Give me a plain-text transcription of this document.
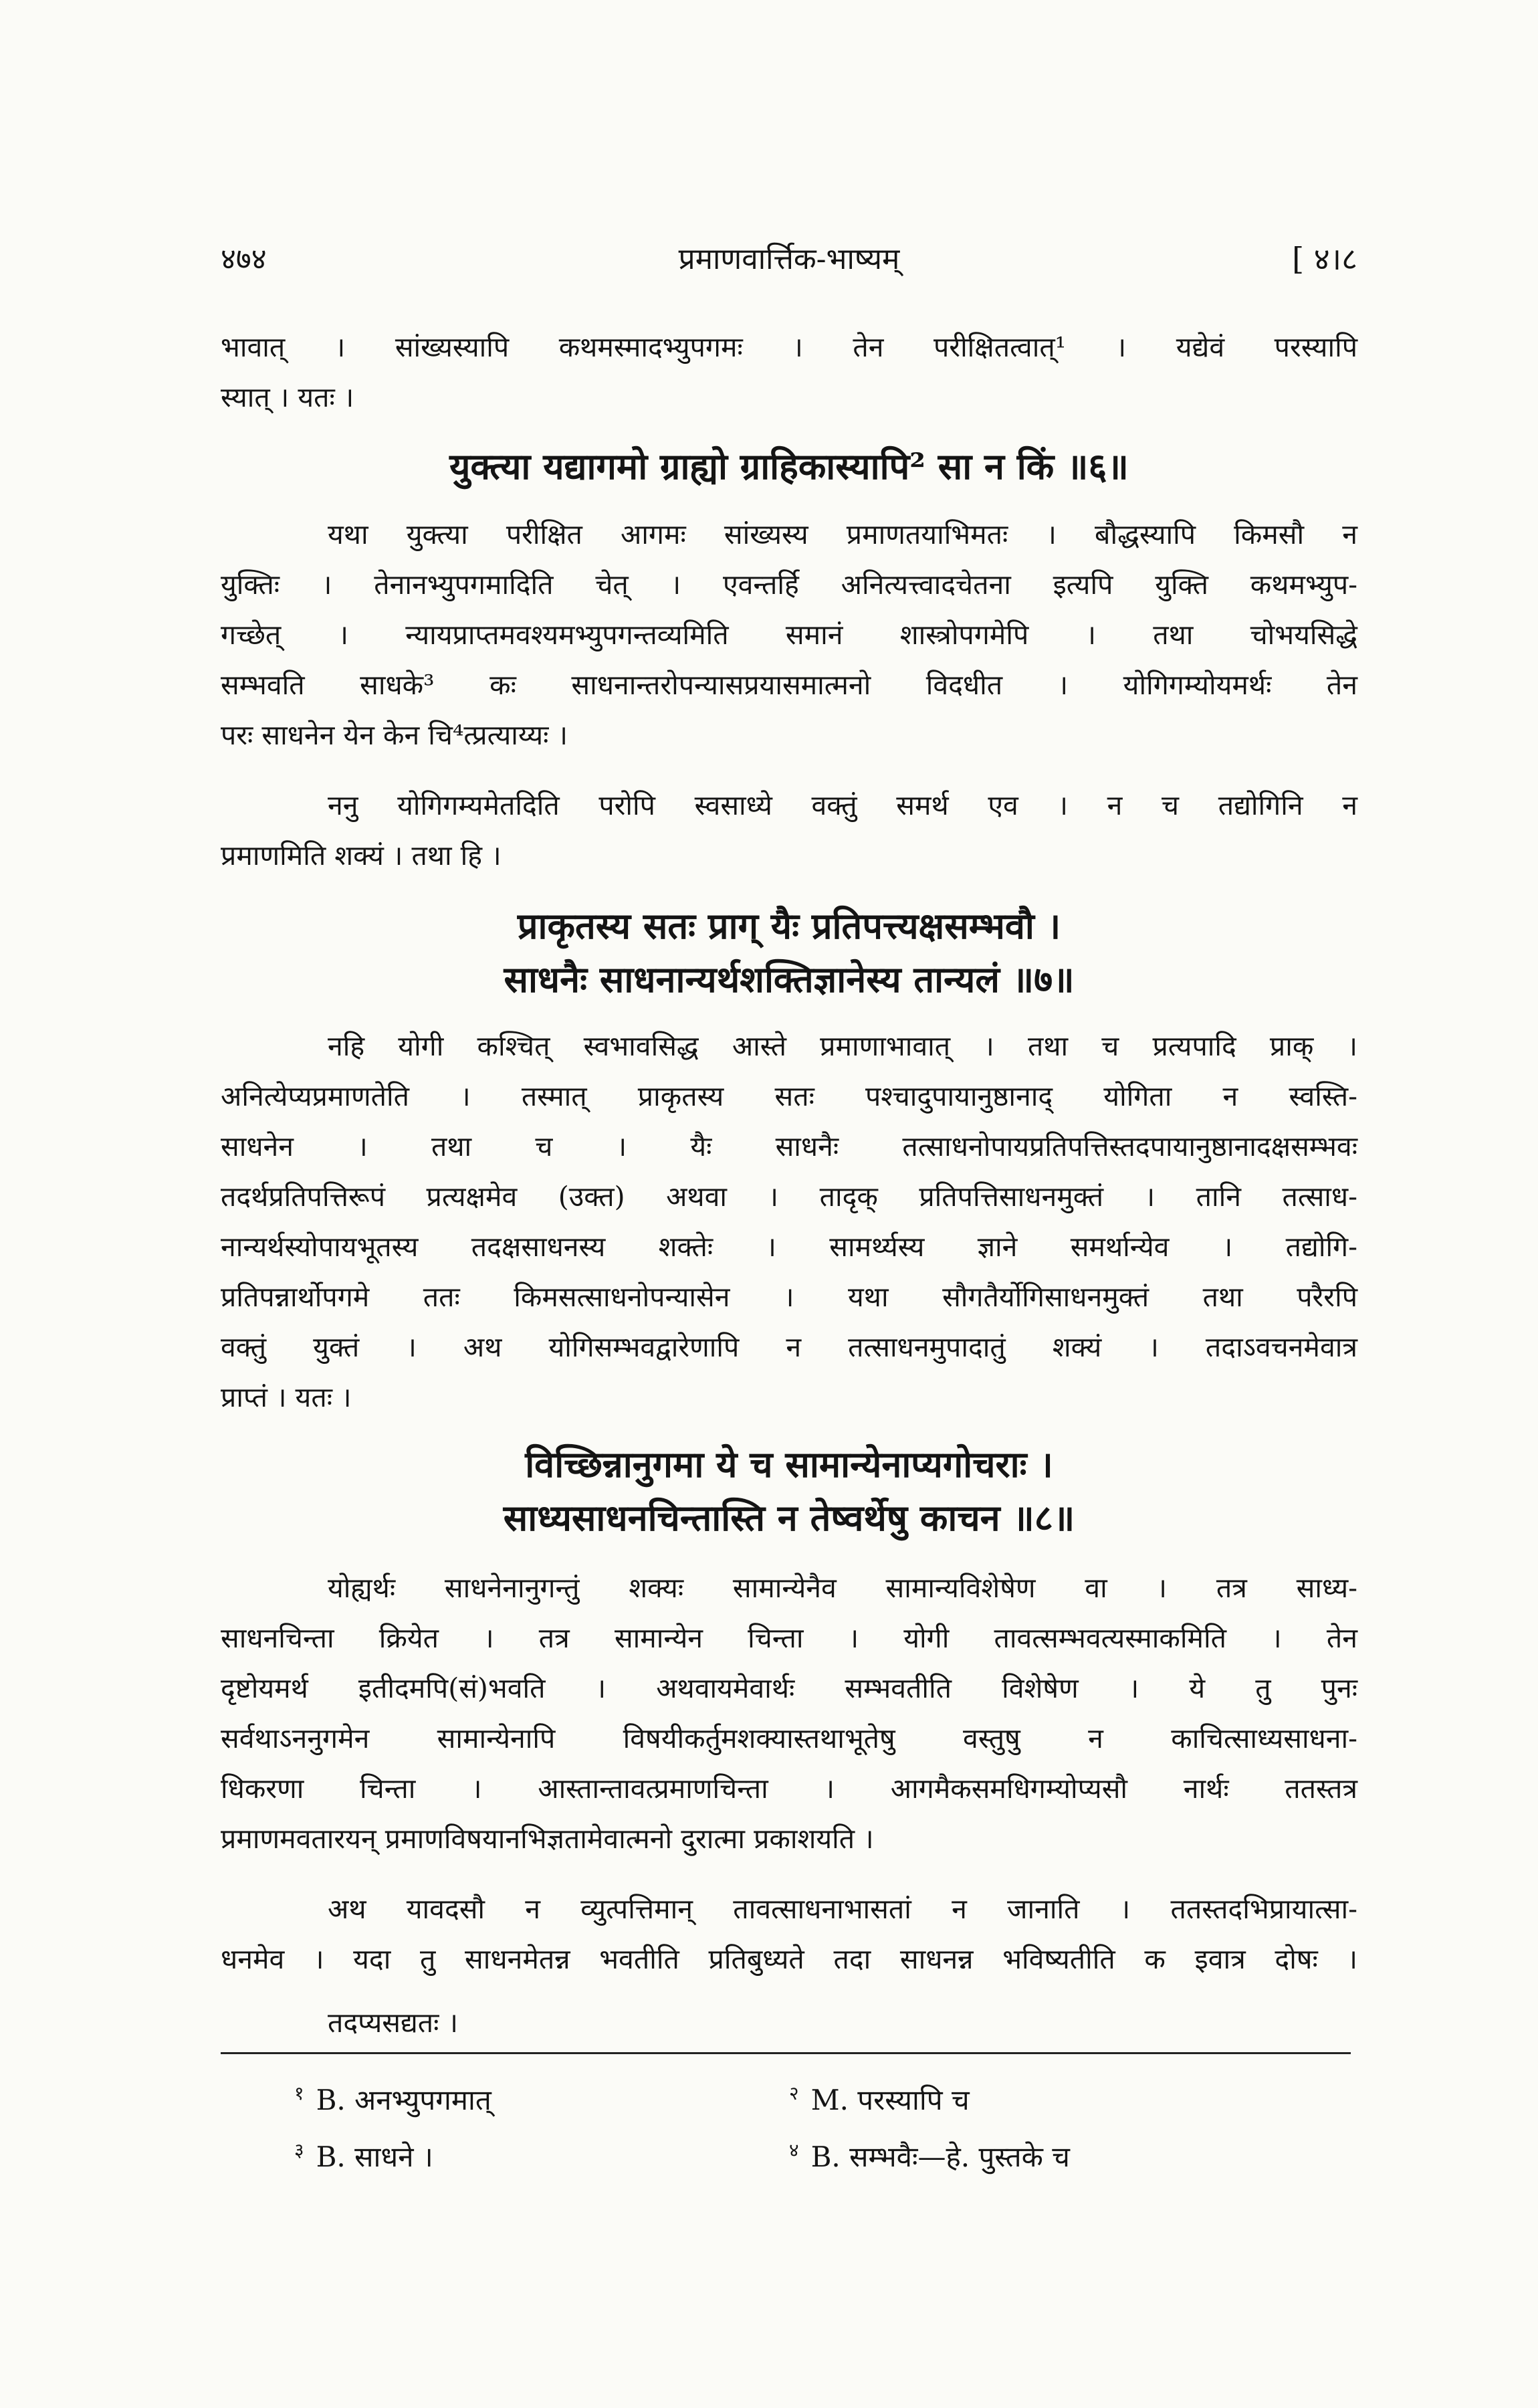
४७४	प्रमाणवार्त्तिक-भाष्यम्	[ ४।८
भावात् । सांख्यस्यापि कथमस्मादभ्युपगमः । तेन परीक्षितत्वात्¹ । यद्येवं परस्यापि
स्यात् । यतः ।
युक्त्या यद्यागमो ग्राह्यो ग्राहिकास्यापि² सा न किं ॥६॥
यथा युक्त्या परीक्षित आगमः सांख्यस्य प्रमाणतयाभिमतः । बौद्धस्यापि किमसौ न
युक्तिः । तेनानभ्युपगमादिति चेत् । एवन्तर्हि अनित्यत्त्वादचेतना इत्यपि युक्ति कथमभ्युप-
गच्छेत् । न्यायप्राप्तमवश्यमभ्युपगन्तव्यमिति समानं शास्त्रोपगमेपि । तथा चोभयसिद्धे
सम्भवति साधके³ कः साधनान्तरोपन्यासप्रयासमात्मनो विदधीत । योगिगम्योयमर्थः तेन
परः साधनेन येन केन चि⁴त्प्रत्याय्यः ।
ननु योगिगम्यमेतदिति परोपि स्वसाध्ये वक्तुं समर्थ एव । न च तद्योगिनि न
प्रमाणमिति शक्यं । तथा हि ।
प्राकृतस्य सतः प्राग् यैः प्रतिपत्त्यक्षसम्भवौ ।
साधनैः साधनान्यर्थशक्तिज्ञानेस्य तान्यलं ॥७॥
नहि योगी कश्चित् स्वभावसिद्ध आस्ते प्रमाणाभावात् । तथा च प्रत्यपादि प्राक् ।
अनित्येप्यप्रमाणतेति । तस्मात् प्राकृतस्य सतः पश्चादुपायानुष्ठानाद् योगिता न स्वस्ति-
साधनेन । तथा च । यैः साधनैः तत्साधनोपायप्रतिपत्तिस्तदपायानुष्ठानादक्षसम्भवः
तदर्थप्रतिपत्तिरूपं प्रत्यक्षमेव (उक्त) अथवा । तादृक् प्रतिपत्तिसाधनमुक्तं । तानि तत्साध-
नान्यर्थस्योपायभूतस्य तदक्षसाधनस्य शक्तेः । सामर्थ्यस्य ज्ञाने समर्थान्येव । तद्योगि-
प्रतिपन्नार्थोपगमे ततः किमसत्साधनोपन्यासेन । यथा सौगतैर्योगिसाधनमुक्तं तथा परैरपि
वक्तुं युक्तं । अथ योगिसम्भवद्वारेणापि न तत्साधनमुपादातुं शक्यं । तदाऽवचनमेवात्र
प्राप्तं । यतः ।
विच्छिन्नानुगमा ये च सामान्येनाप्यगोचराः ।
साध्यसाधनचिन्तास्ति न तेष्वर्थेषु काचन ॥८॥
योह्यर्थः साधनेनानुगन्तुं शक्यः सामान्येनैव सामान्यविशेषेण वा । तत्र साध्य-
साधनचिन्ता क्रियेत । तत्र सामान्येन चिन्ता । योगी तावत्सम्भवत्यस्माकमिति । तेन
दृष्टोयमर्थ इतीदमपि(सं)भवति । अथवायमेवार्थः सम्भवतीति विशेषेण । ये तु पुनः
सर्वथाऽननुगमेन सामान्येनापि विषयीकर्तुमशक्यास्तथाभूतेषु वस्तुषु न काचित्साध्यसाधना-
धिकरणा चिन्ता । आस्तान्तावत्प्रमाणचिन्ता । आगमैकसमधिगम्योप्यसौ नार्थः ततस्तत्र
प्रमाणमवतारयन् प्रमाणविषयानभिज्ञतामेवात्मनो दुरात्मा प्रकाशयति ।
अथ यावदसौ न व्युत्पत्तिमान् तावत्साधनाभासतां न जानाति । ततस्तदभिप्रायात्सा-
धनमेव । यदा तु साधनमेतन्न भवतीति प्रतिबुध्यते तदा साधनन्न भविष्यतीति क इवात्र दोषः ।
तदप्यसद्यतः ।
$^१$ B. अनभ्युपगमात्	$^२$ M. परस्यापि च
$^३$ B. साधने ।	$^४$ B. सम्भवैः—हे. पुस्तके च
